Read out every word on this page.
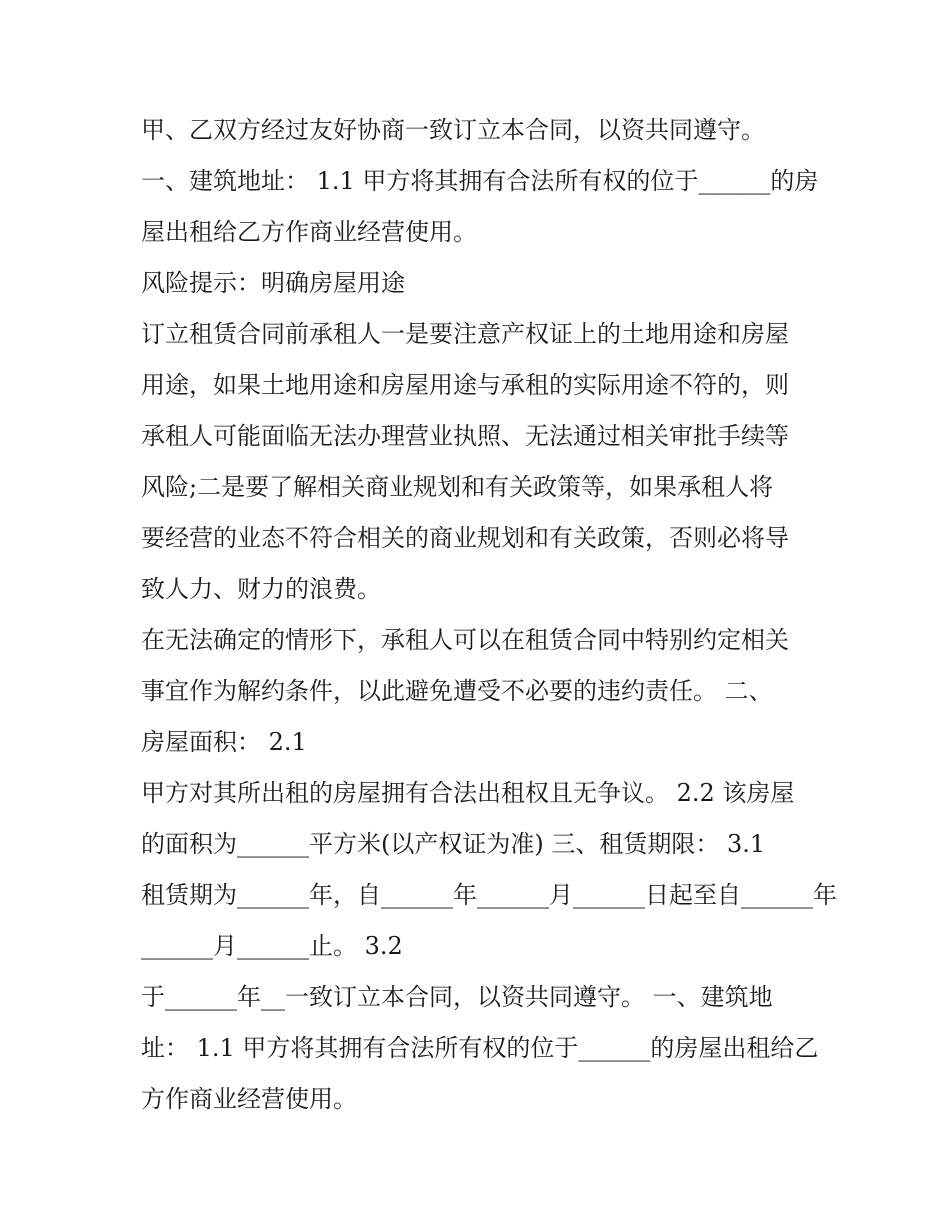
甲、乙双方经过友好协商一致订立本合同，以资共同遵守。
一、建筑地址： 1.1 甲方将其拥有合法所有权的位于______的房
屋出租给乙方作商业经营使用。
风险提示：明确房屋用途
订立租赁合同前承租人一是要注意产权证上的土地用途和房屋
用途，如果土地用途和房屋用途与承租的实际用途不符的，则
承租人可能面临无法办理营业执照、无法通过相关审批手续等
风险;二是要了解相关商业规划和有关政策等，如果承租人将
要经营的业态不符合相关的商业规划和有关政策，否则必将导
致人力、财力的浪费。
在无法确定的情形下，承租人可以在租赁合同中特别约定相关
事宜作为解约条件，以此避免遭受不必要的违约责任。 二、
房屋面积： 2.1
甲方对其所出租的房屋拥有合法出租权且无争议。 2.2 该房屋
的面积为______平方米(以产权证为准) 三、租赁期限： 3.1
租赁期为______年，自______年______月______日起至自______年
______月______止。 3.2
于______年__一致订立本合同，以资共同遵守。 一、建筑地
址： 1.1 甲方将其拥有合法所有权的位于______的房屋出租给乙
方作商业经营使用。
